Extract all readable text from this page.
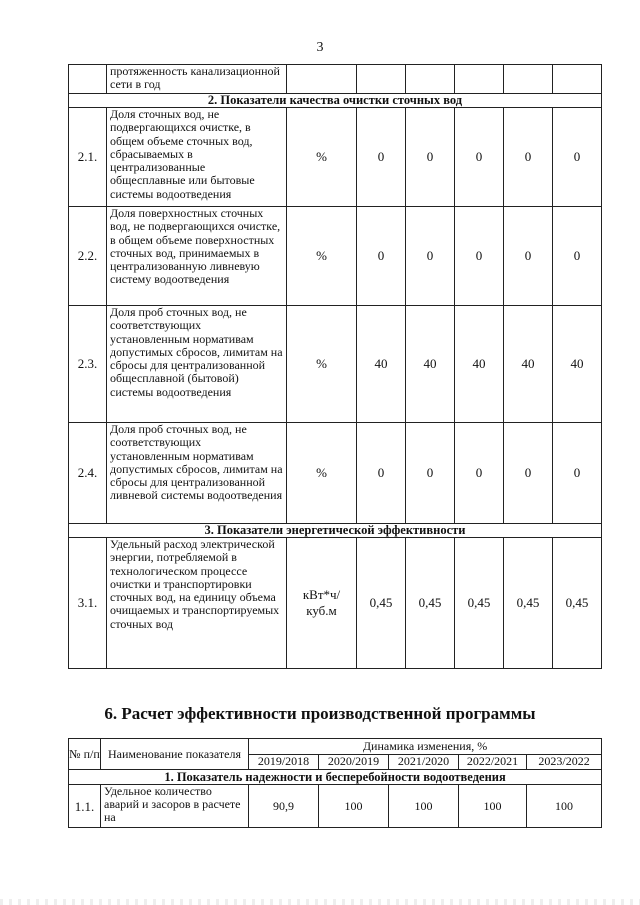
3
	протяженность канализационной сети в год						
2. Показатели качества очистки сточных вод							
2.1.	Доля сточных вод, не подвергающихся очистке, в общем объеме сточных вод, сбрасываемых в централизованные общесплавные или бытовые системы водоотведения	%	0	0	0	0	0
2.2.	Доля поверхностных сточных вод, не подвергающихся очистке, в общем объеме поверхностных сточных вод, принимаемых в централизованную ливневую систему водоотведения	%	0	0	0	0	0
2.3.	Доля проб сточных вод, не соответствующих установленным нормативам допустимых сбросов, лимитам на сбросы для централизованной общесплавной (бытовой) системы водоотведения	%	40	40	40	40	40
2.4.	Доля проб сточных вод, не соответствующих установленным нормативам допустимых сбросов, лимитам на сбросы для централизованной ливневой системы водоотведения	%	0	0	0	0	0
3. Показатели энергетической эффективности							
3.1.	Удельный расход электрической энергии, потребляемой в технологическом процессе очистки и транспортировки сточных вод, на единицу объема очищаемых и транспортируемых сточных вод	кВт*ч/ куб.м	0,45	0,45	0,45	0,45	0,45
6. Расчет эффективности производственной программы
№ п/п	Наименование показателя	Динамика изменения, %				
		2019/2018	2020/2019	2021/2020	2022/2021	2023/2022
1. Показатель надежности и бесперебойности водоотведения						
1.1.	Удельное количество аварий и засоров в расчете на	90,9	100	100	100	100
